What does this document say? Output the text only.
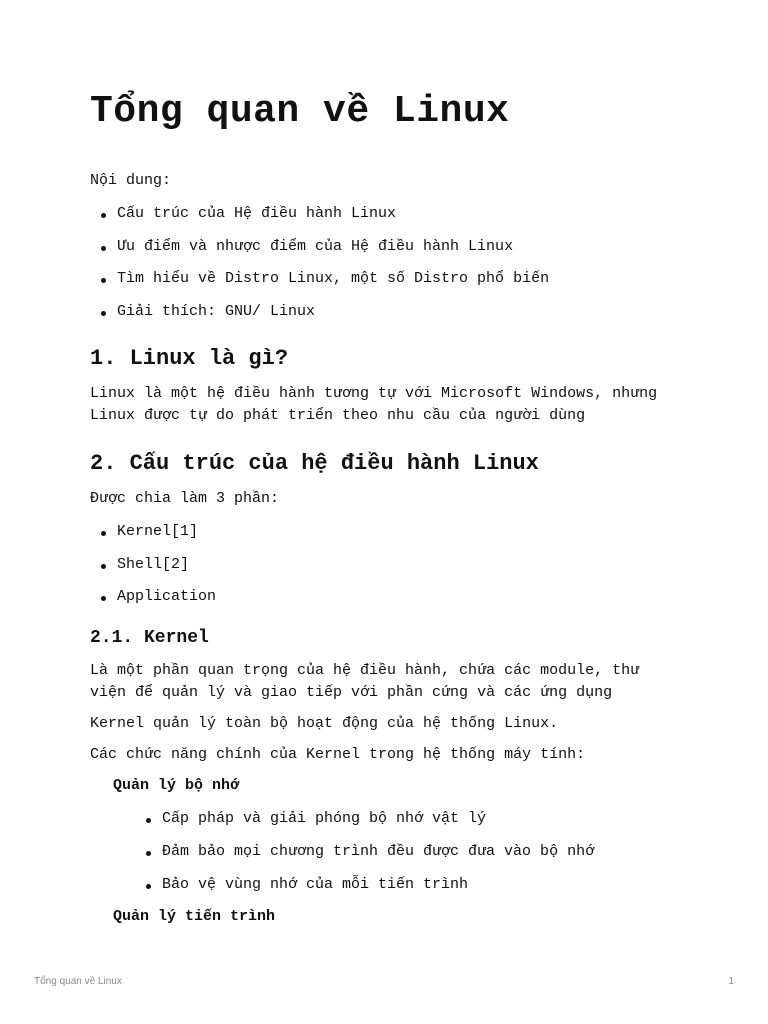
Tổng quan về Linux

Nội dung:

Cấu trúc của Hệ điều hành Linux
Ưu điểm và nhược điểm của Hệ điều hành Linux
Tìm hiểu về Distro Linux, một số Distro phổ biến
Giải thích: GNU/ Linux
1. Linux là gì?

Linux là một hệ điều hành tương tự với Microsoft Windows, nhưng

Linux được tự do phát triển theo nhu cầu của người dùng

2. Cấu trúc của hệ điều hành Linux

Được chia làm 3 phần:

Kernel[1]
Shell[2]
Application
2.1. Kernel

Là một phần quan trọng của hệ điều hành, chứa các module, thư

viện để quản lý và giao tiếp với phần cứng và các ứng dụng

Kernel quản lý toàn bộ hoạt động của hệ thống Linux.

Các chức năng chính của Kernel trong hệ thống máy tính:

Quản lý bộ nhớ

Cấp pháp và giải phóng bộ nhớ vật lý
Đảm bảo mọi chương trình đều được đưa vào bộ nhớ
Bảo vệ vùng nhớ của mỗi tiến trình

Quản lý tiến trình

Tổng quan về Linux	1
